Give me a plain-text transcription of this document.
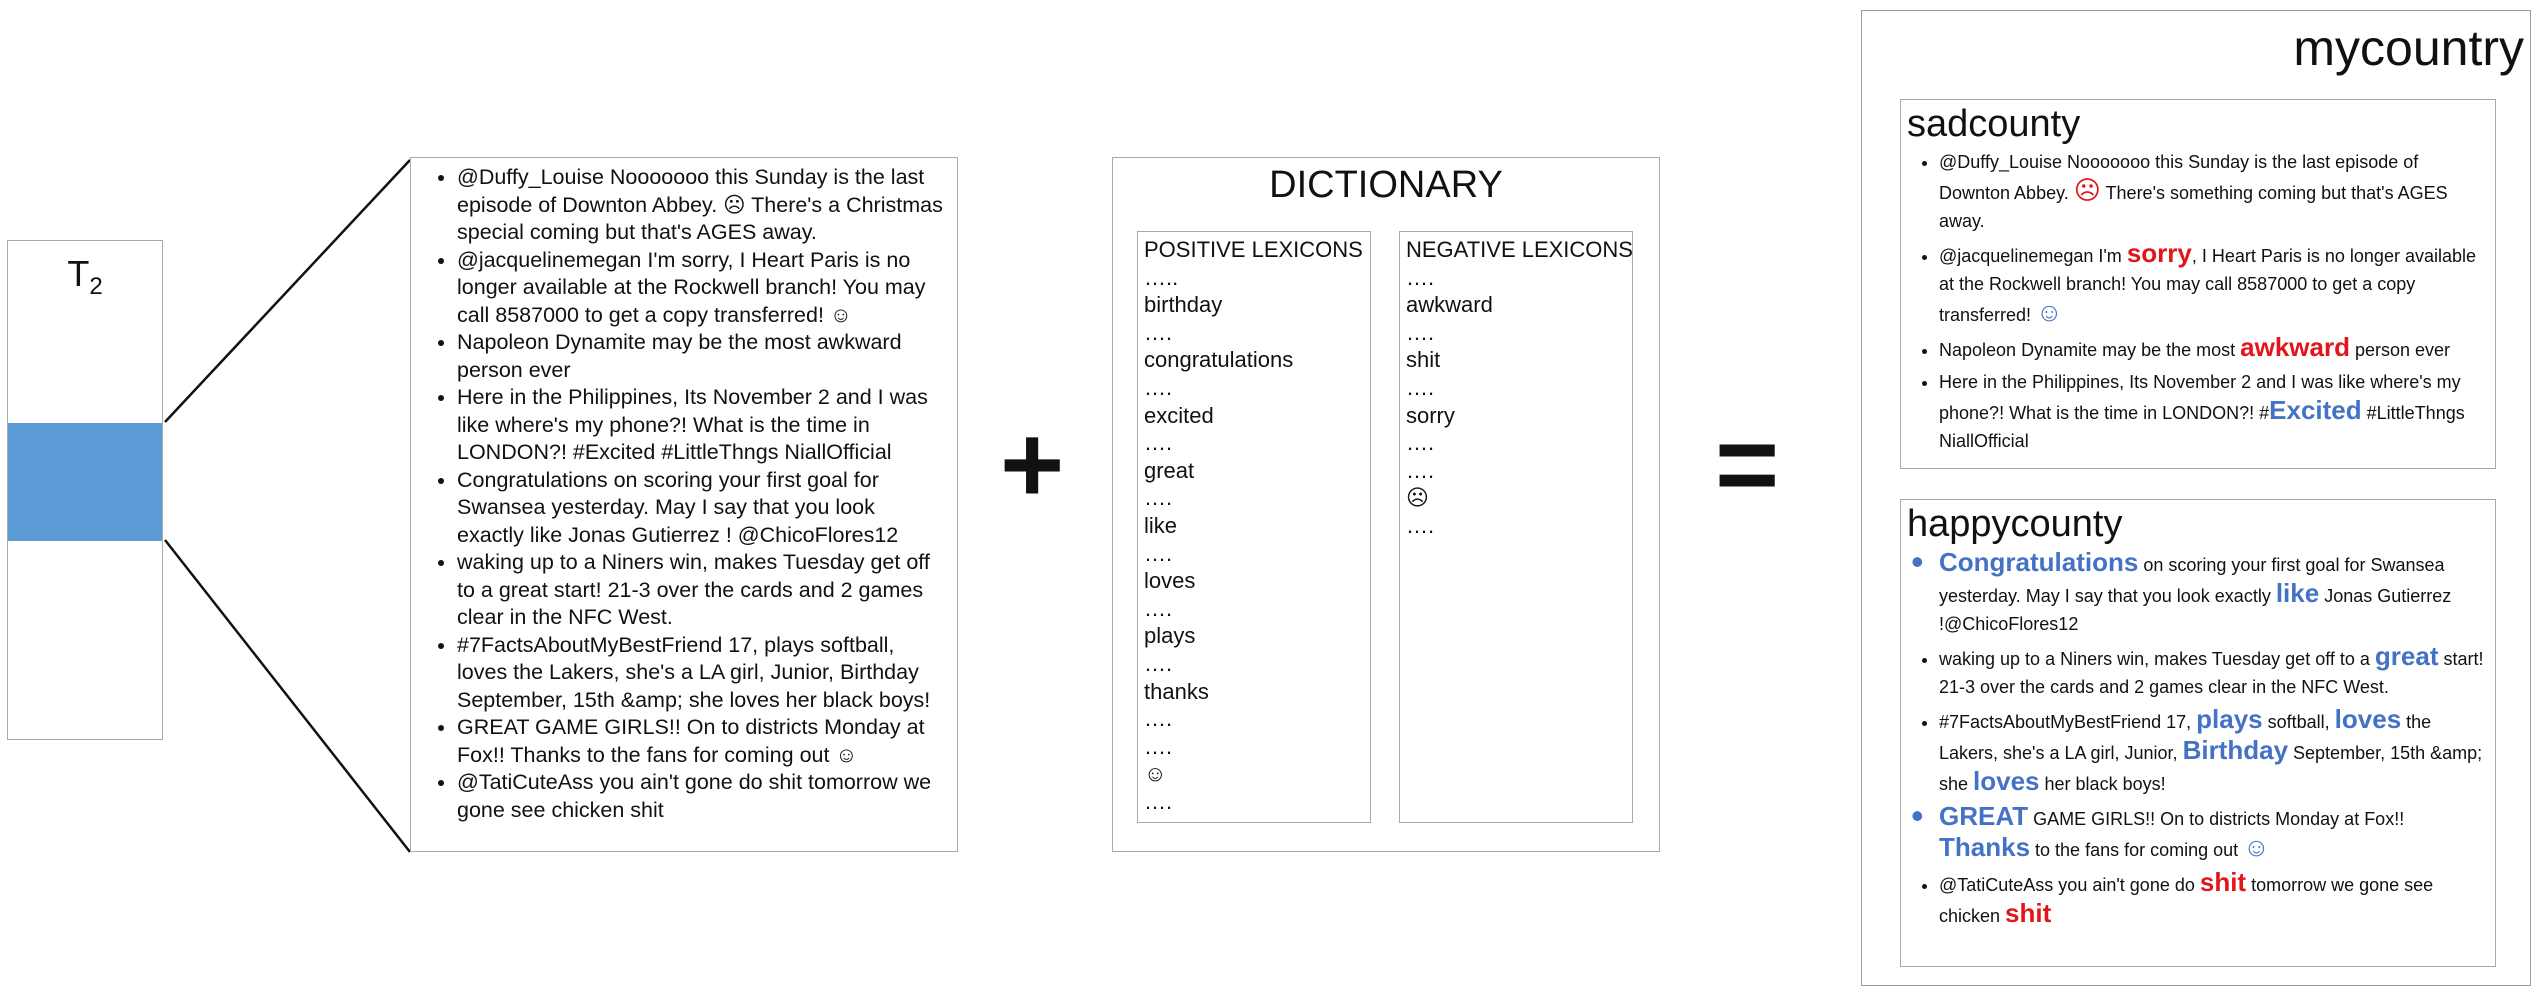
$T_2$
• @Duffy_Louise Nooooooo this Sunday is the last episode of Downton Abbey. ☹ There's a Christmas special coming but that's AGES away.
• @jacquelinemegan I'm sorry, I Heart Paris is no longer available at the Rockwell branch! You may call 8587000 to get a copy transferred! ☺
• Napoleon Dynamite may be the most awkward person ever
• Here in the Philippines, Its November 2 and I was like where's my phone?! What is the time in LONDON?! #Excited #LittleThngs NiallOfficial
• Congratulations on scoring your first goal for Swansea yesterday. May I say that you look exactly like Jonas Gutierrez ! @ChicoFlores12
• waking up to a Niners win, makes Tuesday get off to a great start! 21-3 over the cards and 2 games clear in the NFC West.
• #7FactsAboutMyBestFriend 17, plays softball, loves the Lakers, she's a LA girl, Junior, Birthday September, 15th &amp; she loves her black boys!
• GREAT GAME GIRLS!! On to districts Monday at Fox!! Thanks to the fans for coming out ☺
• @TatiCuteAss you ain't gone do shit tomorrow we gone see chicken shit
+
DICTIONARY
POSITIVE LEXICONS
…..
birthday
….
congratulations
….
excited
….
great
….
like
….
loves
….
plays
….
thanks
….
….
☺
….
NEGATIVE LEXICONS
….
awkward
….
shit
….
sorry
….
….
☹
….	=
mycountry
sadcounty
• @Duffy_Louise Nooooooo this Sunday is the last episode of Downton Abbey. ☹ There's something coming but that's AGES away.
• @jacquelinemegan I'm sorry, I Heart Paris is no longer available at the Rockwell branch! You may call 8587000 to get a copy transferred! ☺
• Napoleon Dynamite may be the most awkward person ever
• Here in the Philippines, Its November 2 and I was like where's my phone?! What is the time in LONDON?! #Excited #LittleThngs NiallOfficial
happycounty
• Congratulations on scoring your first goal for Swansea yesterday. May I say that you look exactly like Jonas Gutierrez !@ChicoFlores12
• waking up to a Niners win, makes Tuesday get off to a great start! 21-3 over the cards and 2 games clear in the NFC West.
• #7FactsAboutMyBestFriend 17, plays softball, loves the Lakers, she's a LA girl, Junior, Birthday September, 15th &amp; she loves her black boys!
• GREAT GAME GIRLS!! On to districts Monday at Fox!! Thanks to the fans for coming out ☺
• @TatiCuteAss you ain't gone do shit tomorrow we gone see chicken shit
